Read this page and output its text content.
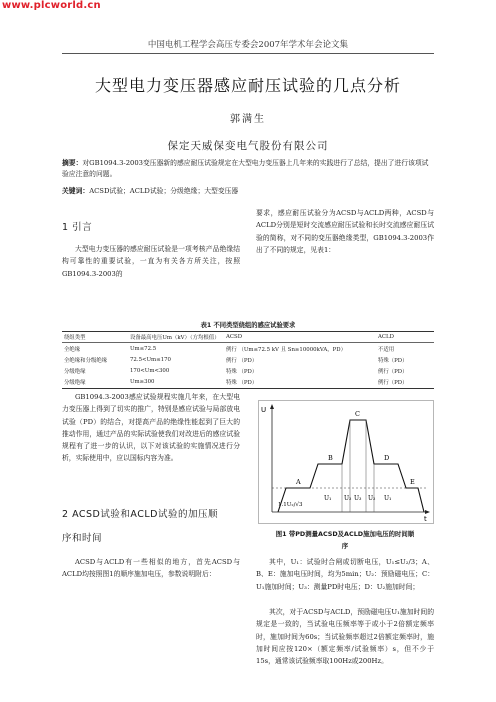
www.plcworld.cn
中国电机工程学会高压专委会2007年学术年会论文集
大型电力变压器感应耐压试验的几点分析
郭满生
保定天威保变电气股份有限公司
摘要：对GB1094.3-2003变压器新的感应耐压试验规定在大型电力变压器上几年来的实践进行了总结，提出了进行该项试验应注意的问题。
关键词：ACSD试验；ACLD试验；分级绝缘；大型变压器
1 引言
大型电力变压器的感应耐压试验是一项考核产品绝缘结构可靠性的重要试验，一直为有关各方所关注，按照GB1094.3-2003的
要求，感应耐压试验分为ACSD与ACLD两种，ACSD与ACLD分别是短时交流感应耐压试验和长时交流感应耐压试验的简称，对不同的变压器绝缘类型，GB1094.3-2003作出了不同的规定，见表1：
表1 不同类型绕组的感应试验要求
绕组类型	设备最高电压Um（kV）（方均根值）	ACSD	ACLD
全绝缘	Um≤72.5	例行 （Um≤72.5 kV 且 Sn≥10000kVA，PD）	不适用
全绝缘和分级绝缘	72.5<Um≤170	例行 （PD）	特殊（PD）
分级绝缘	170<Um<300	特殊 （PD）	例行（PD）
分级绝缘	Um≥300	特殊 （PD）	例行（PD）
GB1094.3-2003感应试验规程实施几年来，在大型电力变压器上得到了切实的推广，特别是感应试验与局部放电试验（PD）的结合，对提高产品的绝缘性能起到了巨大的推动作用，通过产品的实际试验使我们对改进后的感应试验规程有了进一步的认识，以下对该试验的实施情况进行分析，实际使用中，应以国标内容为准。
2 ACSD试验和ACLD试验的加压顺
序和时间
ACSD与ACLD有一些相似的地方，首先ACSD与ACLD均按照图1的顺序施加电压，参数说明附后：
U
t
A
B
C
D
E
U₁ U₂ U₃ U₂ U₁
1.1U₂/√3
图1 带PD测量ACSD及ACLD施加电压的时间顺
序
其中，U₁：试验时合闸或切断电压，U₁≤U₂/3；A、B、E：施加电压时间，均为5min；U₂：预励磁电压；C：U₁施加时间；U₃：测量PD时电压；D：U₂施加时间；
其次，对于ACSD与ACLD，预励磁电压U₁施加时间的规定是一致的，当试验电压频率等于或小于2倍额定频率时，施加时间为60s；当试验频率超过2倍额定频率时，施加时间应按120×（额定频率/试验频率）s，但不少于15s，通常该试验频率取100Hz或200Hz。
